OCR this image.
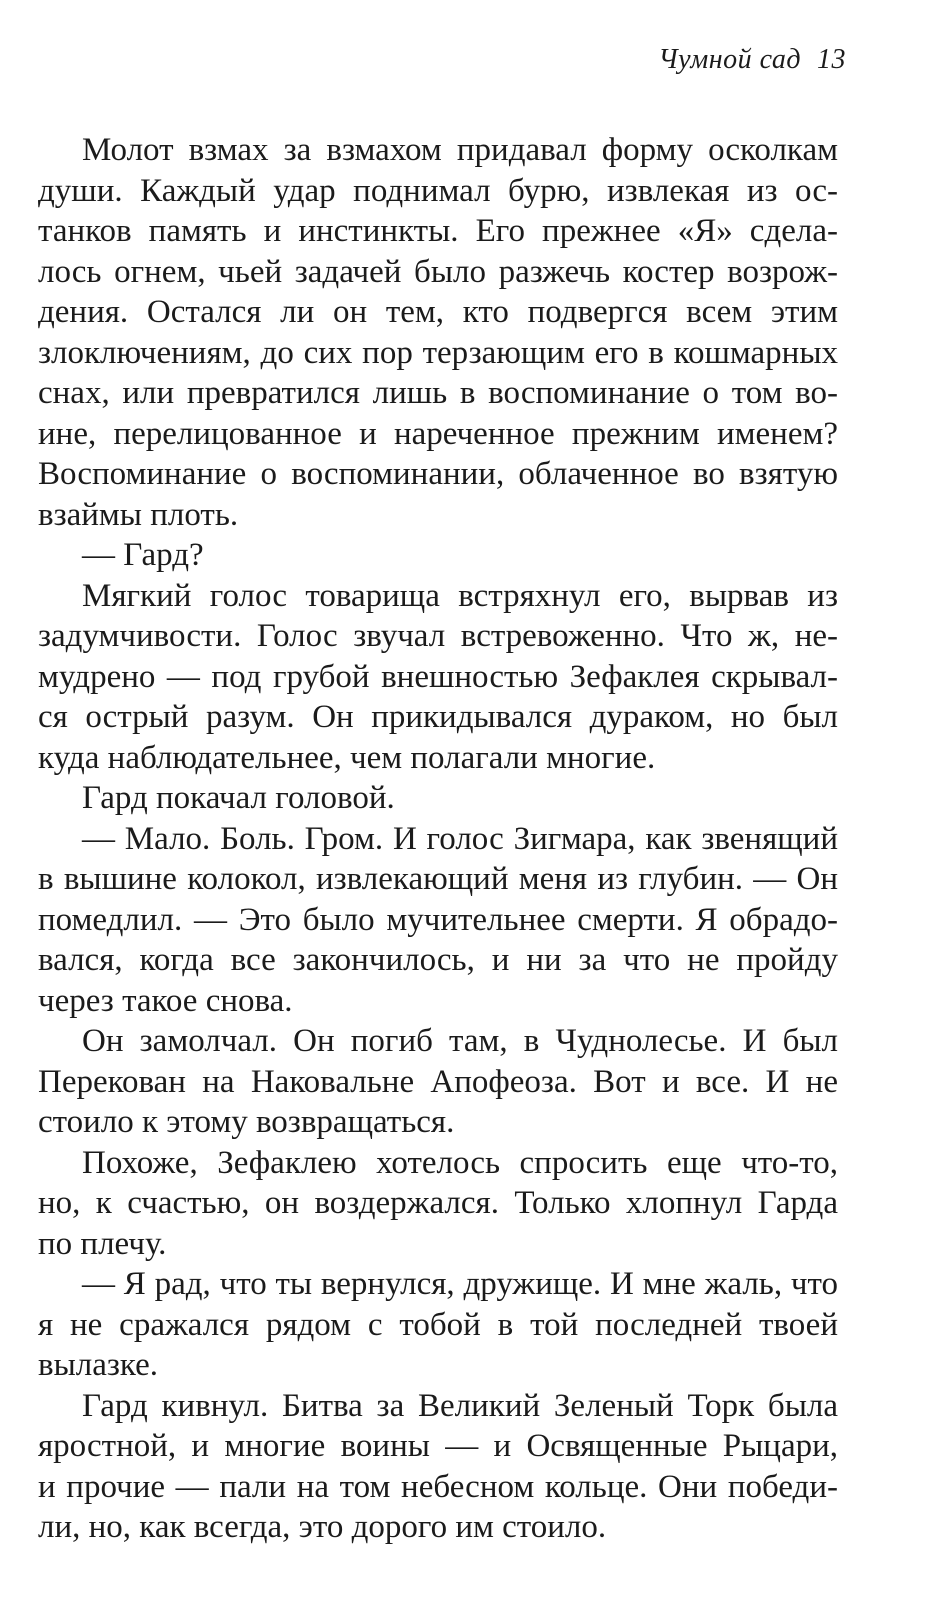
Чумной сад 13
Молот взмах за взмахом придавал форму осколкам
души. Каждый удар поднимал бурю, извлекая из ос-
танков память и инстинкты. Его прежнее «Я» сдела-
лось огнем, чьей задачей было разжечь костер возрож-
дения. Остался ли он тем, кто подвергся всем этим
злоключениям, до сих пор терзающим его в кошмарных
снах, или превратился лишь в воспоминание о том во-
ине, перелицованное и нареченное прежним именем?
Воспоминание о воспоминании, облаченное во взятую
взаймы плоть.
— Гард?
Мягкий голос товарища встряхнул его, вырвав из
задумчивости. Голос звучал встревоженно. Что ж, не-
мудрено — под грубой внешностью Зефаклея скрывал-
ся острый разум. Он прикидывался дураком, но был
куда наблюдательнее, чем полагали многие.
Гард покачал головой.
— Мало. Боль. Гром. И голос Зигмара, как звенящий
в вышине колокол, извлекающий меня из глубин. — Он
помедлил. — Это было мучительнее смерти. Я обрадо-
вался, когда все закончилось, и ни за что не пройду
через такое снова.
Он замолчал. Он погиб там, в Чуднолесье. И был
Перекован на Наковальне Апофеоза. Вот и все. И не
стоило к этому возвращаться.
Похоже, Зефаклею хотелось спросить еще что-то,
но, к счастью, он воздержался. Только хлопнул Гарда
по плечу.
— Я рад, что ты вернулся, дружище. И мне жаль, что
я не сражался рядом с тобой в той последней твоей
вылазке.
Гард кивнул. Битва за Великий Зеленый Торк была
яростной, и многие воины — и Освященные Рыцари,
и прочие — пали на том небесном кольце. Они победи-
ли, но, как всегда, это дорого им стоило.
